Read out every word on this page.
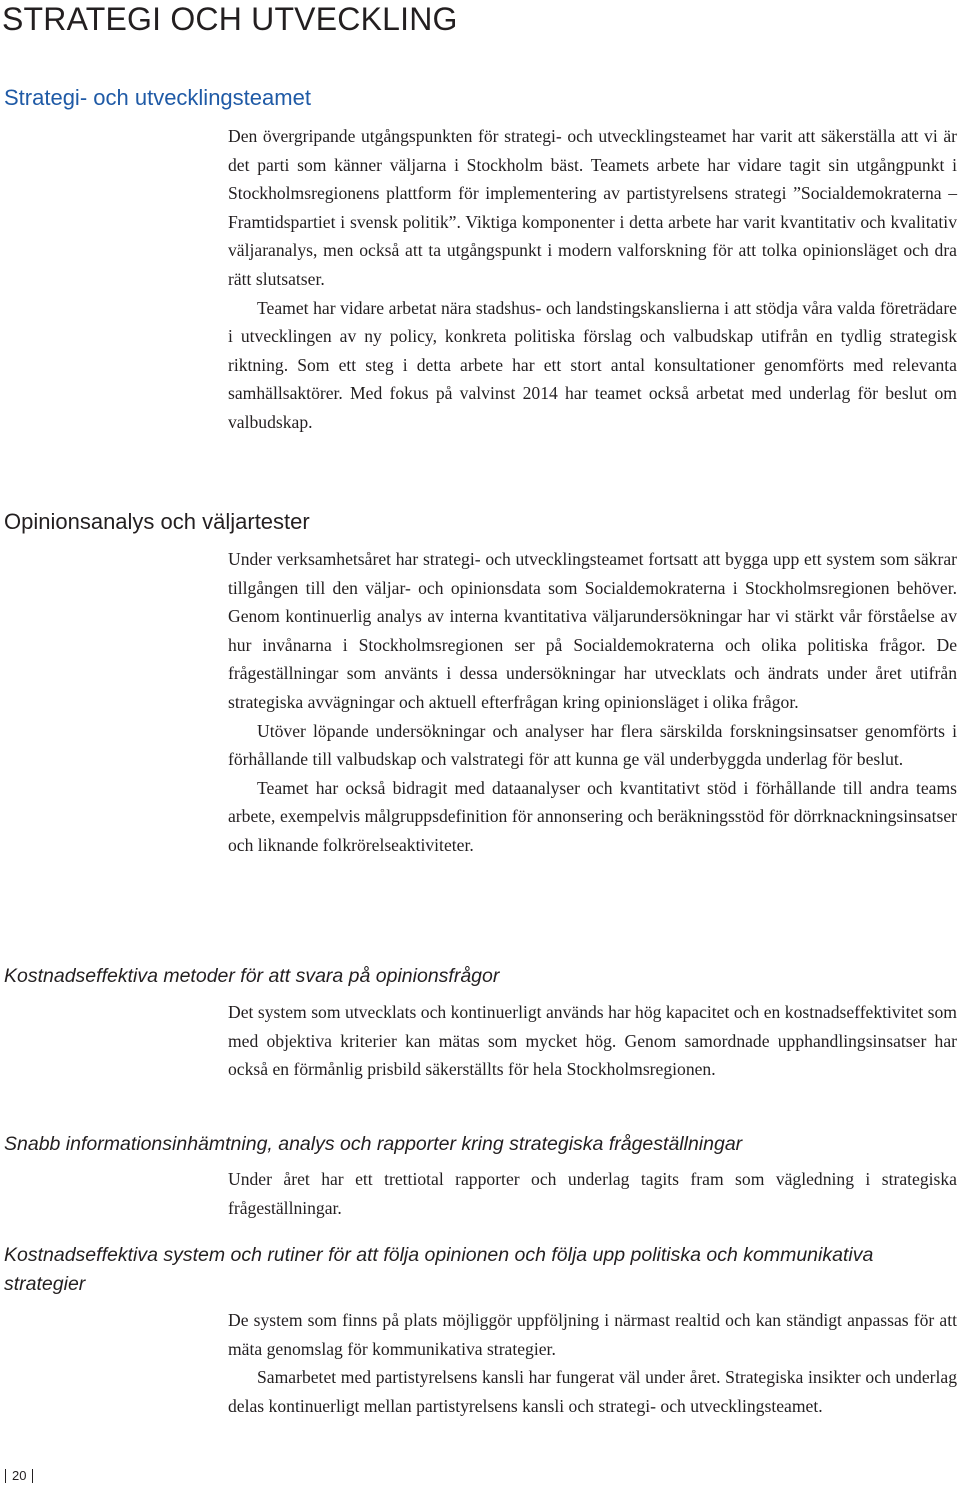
STRATEGI OCH UTVECKLING
Strategi- och utvecklingsteamet

Den övergripande utgångspunkten för strategi- och utvecklingsteamet har varit att säkerställa att vi är det parti som känner väljarna i Stockholm bäst. Teamets arbete har vidare tagit sin utgångpunkt i Stockholmsregionens plattform för implementering av partistyrelsens strategi ”Socialdemokraterna – Framtidspartiet i svensk politik”. Viktiga komponenter i detta arbete har varit kvantitativ och kvalitativ väljaranalys, men också att ta utgångspunkt i modern valforskning för att tolka opinionsläget och dra rätt slutsatser.

Teamet har vidare arbetat nära stadshus- och landstingskanslierna i att stödja våra valda företrädare i utvecklingen av ny policy, konkreta politiska förslag och valbudskap utifrån en tydlig strategisk riktning. Som ett steg i detta arbete har ett stort antal konsultationer genomförts med relevanta samhällsaktörer. Med fokus på valvinst 2014 har teamet också arbetat med underlag för beslut om valbudskap.

Opinionsanalys och väljartester

Under verksamhetsåret har strategi- och utvecklingsteamet fortsatt att bygga upp ett system som säkrar tillgången till den väljar- och opinionsdata som Socialdemokraterna i Stockholmsregionen behöver. Genom kontinuerlig analys av interna kvantitativa väljarundersökningar har vi stärkt vår förståelse av hur invånarna i Stockholmsregionen ser på Socialdemokraterna och olika politiska frågor. De frågeställningar som använts i dessa undersökningar har utvecklats och ändrats under året utifrån strategiska avvägningar och aktuell efterfrågan kring opinionsläget i olika frågor.

Utöver löpande undersökningar och analyser har flera särskilda forskningsinsatser genomförts i förhållande till valbudskap och valstrategi för att kunna ge väl underbyggda underlag för beslut.

Teamet har också bidragit med dataanalyser och kvantitativt stöd i förhållande till andra teams arbete, exempelvis målgruppsdefinition för annonsering och beräkningsstöd för dörrknackningsinsatser och liknande folkrörelseaktiviteter.

Kostnadseffektiva metoder för att svara på opinionsfrågor

Det system som utvecklats och kontinuerligt används har hög kapacitet och en kostnadseffektivitet som med objektiva kriterier kan mätas som mycket hög. Genom samordnade upphandlingsinsatser har också en förmånlig prisbild säkerställts för hela Stockholmsregionen.

Snabb informationsinhämtning, analys och rapporter kring strategiska frågeställningar

Under året har ett trettiotal rapporter och underlag tagits fram som vägledning i strategiska frågeställningar.

Kostnadseffektiva system och rutiner för att följa opinionen och följa upp politiska och kommunikativa strategier

De system som finns på plats möjliggör uppföljning i närmast realtid och kan ständigt anpassas för att mäta genomslag för kommunikativa strategier.

Samarbetet med partistyrelsens kansli har fungerat väl under året. Strategiska insikter och underlag delas kontinuerligt mellan partistyrelsens kansli och strategi- och utvecklingsteamet.

20
